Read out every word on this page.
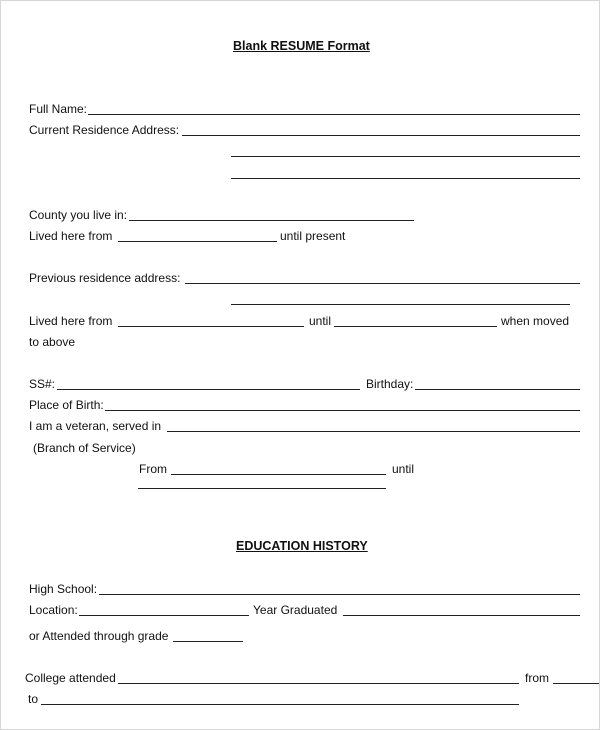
Blank RESUME Format
Full Name:
Current Residence Address:
County you live in:
Lived here from	until present
Previous residence address:
Lived here from	until	when moved
to above
SS#:	Birthday:
Place of Birth:
I am a veteran, served in
(Branch of Service)
From	until
EDUCATION HISTORY
High School:
Location:	Year Graduated
or Attended through grade
College attended	from
to
